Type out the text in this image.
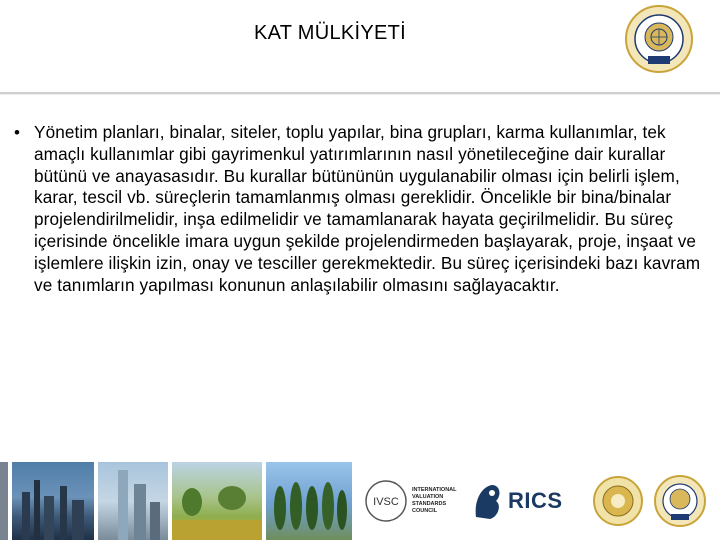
KAT MÜLKİYETİ
• Yönetim planları, binalar, siteler, toplu yapılar, bina grupları, karma kullanımlar, tek amaçlı kullanımlar gibi gayrimenkul yatırımlarının nasıl yönetileceğine dair kurallar bütünü ve anayasasıdır. Bu kurallar bütününün uygulanabilir olması için belirli işlem, karar, tescil vb. süreçlerin tamamlanmış olması gereklidir. Öncelikle bir bina/binalar projelendirilmelidir, inşa edilmelidir ve tamamlanarak hayata geçirilmelidir. Bu süreç içerisinde öncelikle imara uygun şekilde projelendirmeden başlayarak, proje, inşaat ve işlemlere ilişkin izin, onay ve tesciller gerekmektedir. Bu süreç içerisindeki bazı kavram ve tanımların yapılması konunun anlaşılabilir olmasını sağlayacaktır.
IVSC
INTERNATIONAL
VALUATION
STANDARDS
COUNCIL	RICS
